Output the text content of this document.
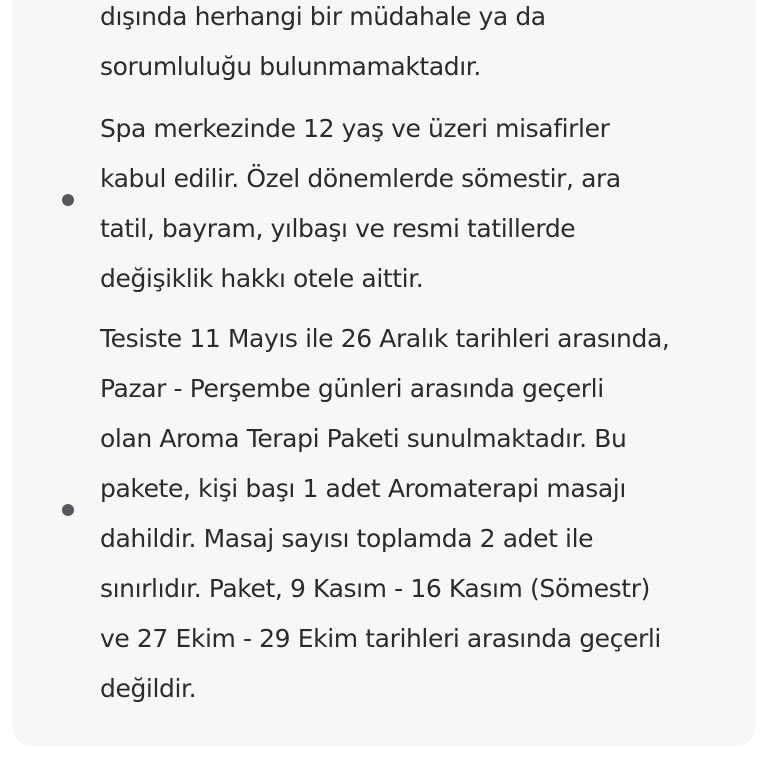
dışında herhangi bir müdahale ya da
sorumluluğu bulunmamaktadır.

Spa merkezinde 12 yaş ve üzeri misafirler
kabul edilir. Özel dönemlerde sömestir, ara
tatil, bayram, yılbaşı ve resmi tatillerde
değişiklik hakkı otele aittir.

Tesiste 11 Mayıs ile 26 Aralık tarihleri arasında,
Pazar - Perşembe günleri arasında geçerli
olan Aroma Terapi Paketi sunulmaktadır. Bu
pakete, kişi başı 1 adet Aromaterapi masajı
dahildir. Masaj sayısı toplamda 2 adet ile
sınırlıdır. Paket, 9 Kasım - 16 Kasım (Sömestr)
ve 27 Ekim - 29 Ekim tarihleri arasında geçerli
değildir.
